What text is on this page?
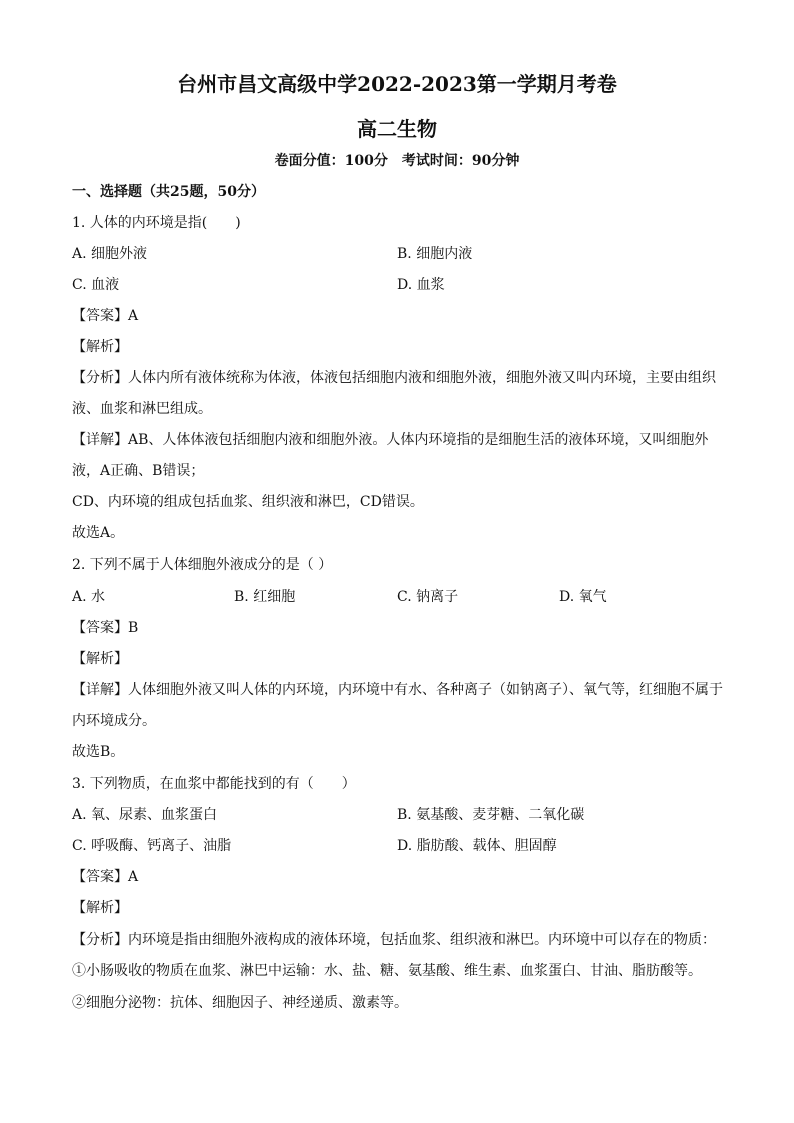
台州市昌文高级中学2022-2023第一学期月考卷
高二生物
卷面分值：100分　考试时间：90分钟
一、选择题（共25题，50分）
1. 人体的内环境是指(　　)
A. 细胞外液	B. 细胞内液
C. 血液	D. 血浆
【答案】A
【解析】
【分析】人体内所有液体统称为体液，体液包括细胞内液和细胞外液，细胞外液又叫内环境，主要由组织
液、血浆和淋巴组成。
【详解】AB、人体体液包括细胞内液和细胞外液。人体内环境指的是细胞生活的液体环境，又叫细胞外
液，A正确、B错误；
CD、内环境的组成包括血浆、组织液和淋巴，CD错误。
故选A。
2. 下列不属于人体细胞外液成分的是（ ）
A. 水	B. 红细胞	C. 钠离子	D. 氧气
【答案】B
【解析】
【详解】人体细胞外液又叫人体的内环境，内环境中有水、各种离子（如钠离子）、氧气等，红细胞不属于
内环境成分。
故选B。
3. 下列物质，在血浆中都能找到的有（　　）
A. 氧、尿素、血浆蛋白	B. 氨基酸、麦芽糖、二氧化碳
C. 呼吸酶、钙离子、油脂	D. 脂肪酸、载体、胆固醇
【答案】A
【解析】
【分析】内环境是指由细胞外液构成的液体环境，包括血浆、组织液和淋巴。内环境中可以存在的物质：
①小肠吸收的物质在血浆、淋巴中运输：水、盐、糖、氨基酸、维生素、血浆蛋白、甘油、脂肪酸等。
②细胞分泌物：抗体、细胞因子、神经递质、激素等。
